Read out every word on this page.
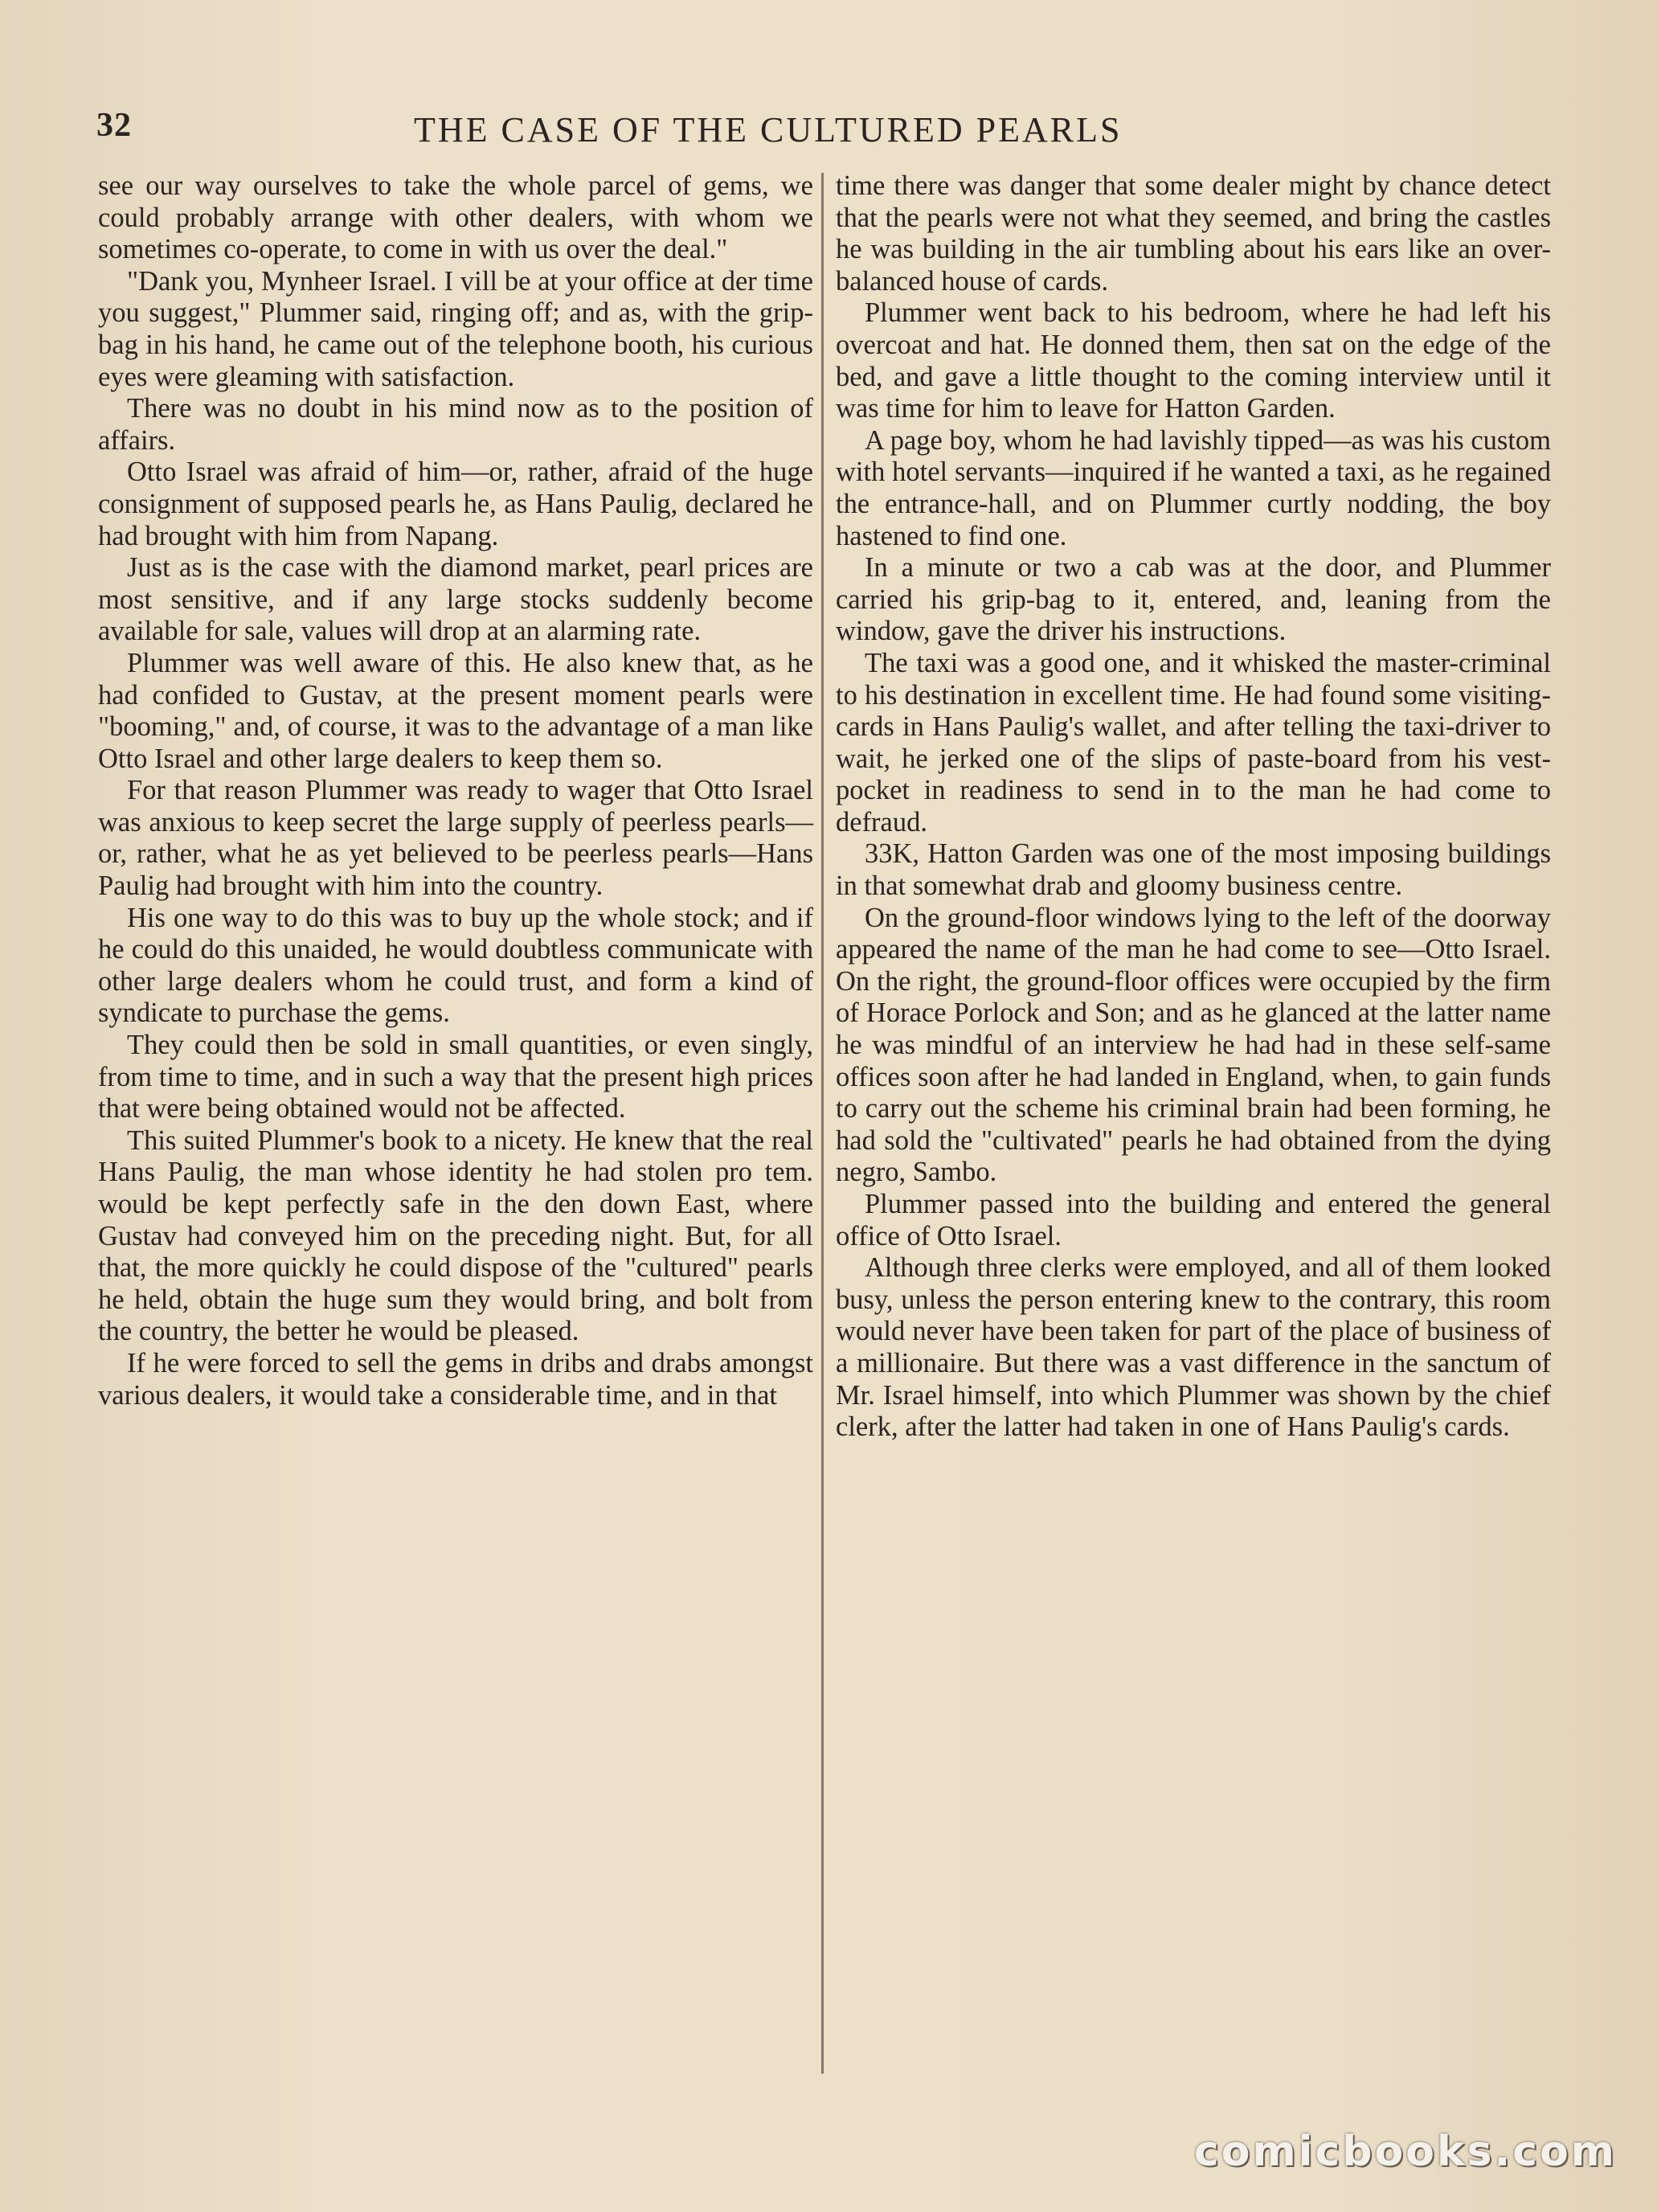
32	THE CASE OF THE CULTURED PEARLS

see our way ourselves to take the whole parcel of gems, we could probably arrange with other dealers, with whom we sometimes co-operate, to come in with us over the deal."

"Dank you, Mynheer Israel. I vill be at your office at der time you suggest," Plummer said, ringing off; and as, with the grip-bag in his hand, he came out of the telephone booth, his curious eyes were gleaming with satisfaction.

There was no doubt in his mind now as to the position of affairs.

Otto Israel was afraid of him—or, rather, afraid of the huge consignment of supposed pearls he, as Hans Paulig, declared he had brought with him from Napang.

Just as is the case with the diamond market, pearl prices are most sensitive, and if any large stocks suddenly become available for sale, values will drop at an alarming rate.

Plummer was well aware of this. He also knew that, as he had confided to Gustav, at the present moment pearls were "booming," and, of course, it was to the advantage of a man like Otto Israel and other large dealers to keep them so.

For that reason Plummer was ready to wager that Otto Israel was anxious to keep secret the large supply of peerless pearls—or, rather, what he as yet believed to be peerless pearls—Hans Paulig had brought with him into the country.

His one way to do this was to buy up the whole stock; and if he could do this unaided, he would doubtless communicate with other large dealers whom he could trust, and form a kind of syndicate to purchase the gems.

They could then be sold in small quantities, or even singly, from time to time, and in such a way that the present high prices that were being obtained would not be affected.

This suited Plummer's book to a nicety. He knew that the real Hans Paulig, the man whose identity he had stolen pro tem. would be kept perfectly safe in the den down East, where Gustav had conveyed him on the preceding night. But, for all that, the more quickly he could dispose of the "cultured" pearls he held, obtain the huge sum they would bring, and bolt from the country, the better he would be pleased.

If he were forced to sell the gems in dribs and drabs amongst various dealers, it would take a considerable time, and in that

time there was danger that some dealer might by chance detect that the pearls were not what they seemed, and bring the castles he was building in the air tumbling about his ears like an over-balanced house of cards.

Plummer went back to his bedroom, where he had left his overcoat and hat. He donned them, then sat on the edge of the bed, and gave a little thought to the coming interview until it was time for him to leave for Hatton Garden.

A page boy, whom he had lavishly tipped—as was his custom with hotel servants—inquired if he wanted a taxi, as he regained the entrance-hall, and on Plummer curtly nodding, the boy hastened to find one.

In a minute or two a cab was at the door, and Plummer carried his grip-bag to it, entered, and, leaning from the window, gave the driver his instructions.

The taxi was a good one, and it whisked the master-criminal to his destination in excellent time. He had found some visiting-cards in Hans Paulig's wallet, and after telling the taxi-driver to wait, he jerked one of the slips of paste-board from his vest-pocket in readiness to send in to the man he had come to defraud.

33K, Hatton Garden was one of the most imposing buildings in that somewhat drab and gloomy business centre.

On the ground-floor windows lying to the left of the doorway appeared the name of the man he had come to see—Otto Israel. On the right, the ground-floor offices were occupied by the firm of Horace Porlock and Son; and as he glanced at the latter name he was mindful of an interview he had had in these self-same offices soon after he had landed in England, when, to gain funds to carry out the scheme his criminal brain had been forming, he had sold the "cultivated" pearls he had obtained from the dying negro, Sambo.

Plummer passed into the building and entered the general office of Otto Israel.

Although three clerks were employed, and all of them looked busy, unless the person entering knew to the contrary, this room would never have been taken for part of the place of business of a millionaire. But there was a vast difference in the sanctum of Mr. Israel himself, into which Plummer was shown by the chief clerk, after the latter had taken in one of Hans Paulig's cards.

comicbooks.com
